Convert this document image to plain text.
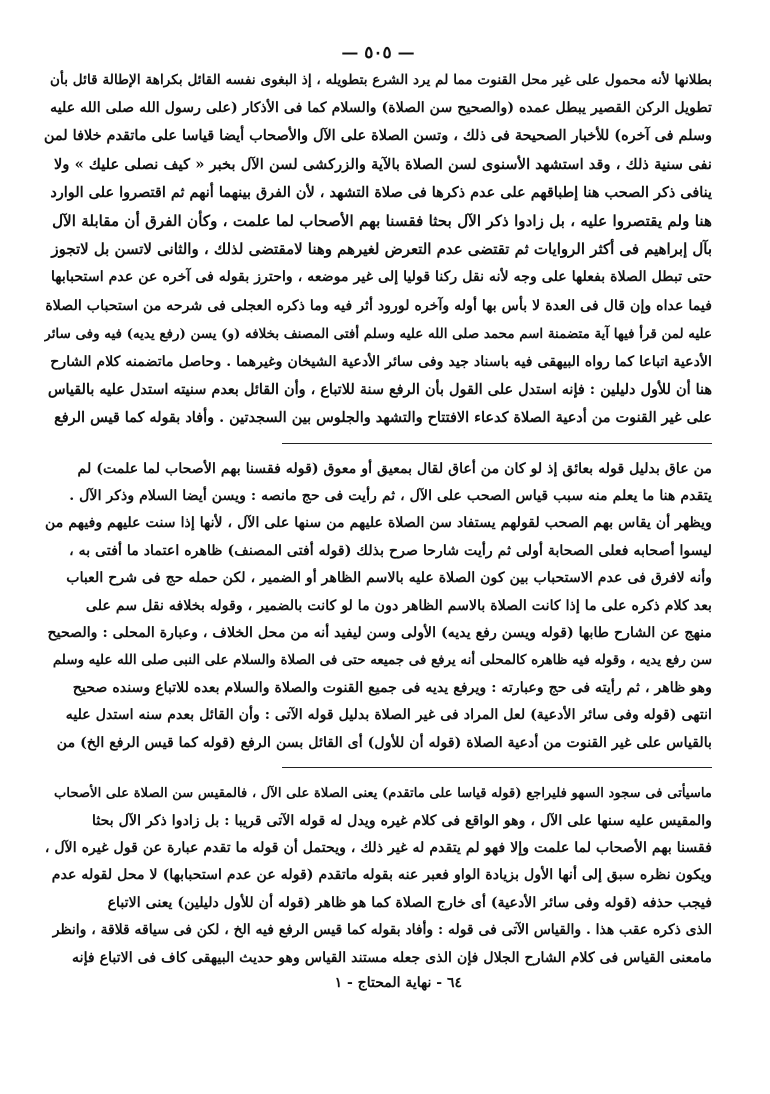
— ٥٠٥ —

بطلانها لأنه محمول على غير محل القنوت مما لم يرد الشرع بتطويله ، إذ البغوى نفسه القائل بكراهة الإطالة قائل بأن

تطويل الركن القصير يبطل عمده (والصحيح سن الصلاة) والسلام كما فى الأذكار (على رسول الله صلى الله عليه

وسلم فى آخره) للأخبار الصحيحة فى ذلك ، وتسن الصلاة على الآل والأصحاب أيضا قياسا على ماتقدم خلافا لمن

نفى سنية ذلك ، وقد استشهد الأسنوى لسن الصلاة بالآية والزركشى لسن الآل بخبر « كيف نصلى عليك » ولا

ينافى ذكر الصحب هنا إطباقهم على عدم ذكرها فى صلاة التشهد ، لأن الفرق بينهما أنهم ثم اقتصروا على الوارد

هنا ولم يقتصروا عليه ، بل زادوا ذكر الآل بحثا فقسنا بهم الأصحاب لما علمت ، وكأن الفرق أن مقابلة الآل

بآل إبراهيم فى أكثر الروايات ثم تقتضى عدم التعرض لغيرهم وهنا لامقتضى لذلك ، والثانى لاتسن بل لاتجوز

حتى تبطل الصلاة بفعلها على وجه لأنه نقل ركنا قوليا إلى غير موضعه ، واحترز بقوله فى آخره عن عدم استحبابها

فيما عداه وإن قال فى العدة لا بأس بها أوله وآخره لورود أثر فيه وما ذكره العجلى فى شرحه من استحباب الصلاة

عليه لمن قرأ فيها آية متضمنة اسم محمد صلى الله عليه وسلم أفتى المصنف بخلافه (و) يسن (رفع يديه) فيه وفى سائر

الأدعية اتباعا كما رواه البيهقى فيه باسناد جيد وفى سائر الأدعية الشيخان وغيرهما . وحاصل ماتضمنه كلام الشارح

هنا أن للأول دليلين : فإنه استدل على القول بأن الرفع سنة للاتباع ، وأن القائل بعدم سنيته استدل عليه بالقياس

على غير القنوت من أدعية الصلاة كدعاء الافتتاح والتشهد والجلوس بين السجدتين . وأفاد بقوله كما قيس الرفع

من عاق بدليل قوله بعائق إذ لو كان من أعاق لقال بمعيق أو معوق (قوله فقسنا بهم الأصحاب لما علمت) لم

يتقدم هنا ما يعلم منه سبب قياس الصحب على الآل ، ثم رأيت فى حج مانصه : ويسن أيضا السلام وذكر الآل .

ويظهر أن يقاس بهم الصحب لقولهم يستفاد سن الصلاة عليهم من سنها على الآل ، لأنها إذا سنت عليهم وفيهم من

ليسوا أصحابه فعلى الصحابة أولى ثم رأيت شارحا صرح بذلك (قوله أفتى المصنف) ظاهره اعتماد ما أفتى به ،

وأنه لافرق فى عدم الاستحباب بين كون الصلاة عليه بالاسم الظاهر أو الضمير ، لكن حمله حج فى شرح العباب

بعد كلام ذكره على ما إذا كانت الصلاة بالاسم الظاهر دون ما لو كانت بالضمير ، وقوله بخلافه نقل سم على

منهج عن الشارح طابها (قوله ويسن رفع يديه) الأولى وسن ليفيد أنه من محل الخلاف ، وعبارة المحلى : والصحيح

سن رفع يديه ، وقوله فيه ظاهره كالمحلى أنه يرفع فى جميعه حتى فى الصلاة والسلام على النبى صلى الله عليه وسلم

وهو ظاهر ، ثم رأيته فى حج وعبارته : ويرفع يديه فى جميع القنوت والصلاة والسلام بعده للاتباع وسنده صحيح

انتهى (قوله وفى سائر الأدعية) لعل المراد فى غير الصلاة بدليل قوله الآتى : وأن القائل بعدم سنه استدل عليه

بالقياس على غير القنوت من أدعية الصلاة (قوله أن للأول) أى القائل بسن الرفع (قوله كما قيس الرفع الخ) من

ماسيأتى فى سجود السهو فليراجع (قوله قياسا على ماتقدم) يعنى الصلاة على الآل ، فالمقيس سن الصلاة على الأصحاب

والمقيس عليه سنها على الآل ، وهو الواقع فى كلام غيره ويدل له قوله الآتى قريبا : بل زادوا ذكر الآل بحثا

فقسنا بهم الأصحاب لما علمت وإلا فهو لم يتقدم له غير ذلك ، ويحتمل أن قوله ما تقدم عبارة عن قول غيره الآل ،

ويكون نظره سبق إلى أنها الأول بزيادة الواو فعبر عنه بقوله ماتقدم (قوله عن عدم استحبابها) لا محل لقوله عدم

فيجب حذفه (قوله وفى سائر الأدعية) أى خارج الصلاة كما هو ظاهر (قوله أن للأول دليلين) يعنى الاتباع

الذى ذكره عقب هذا . والقياس الآتى فى قوله : وأفاد بقوله كما قيس الرفع فيه الخ ، لكن فى سياقه قلاقة ، وانظر

مامعنى القياس فى كلام الشارح الجلال فإن الذى جعله مستند القياس وهو حديث البيهقى كاف فى الاتباع فإنه

٦٤ - نهاية المحتاج - ١
